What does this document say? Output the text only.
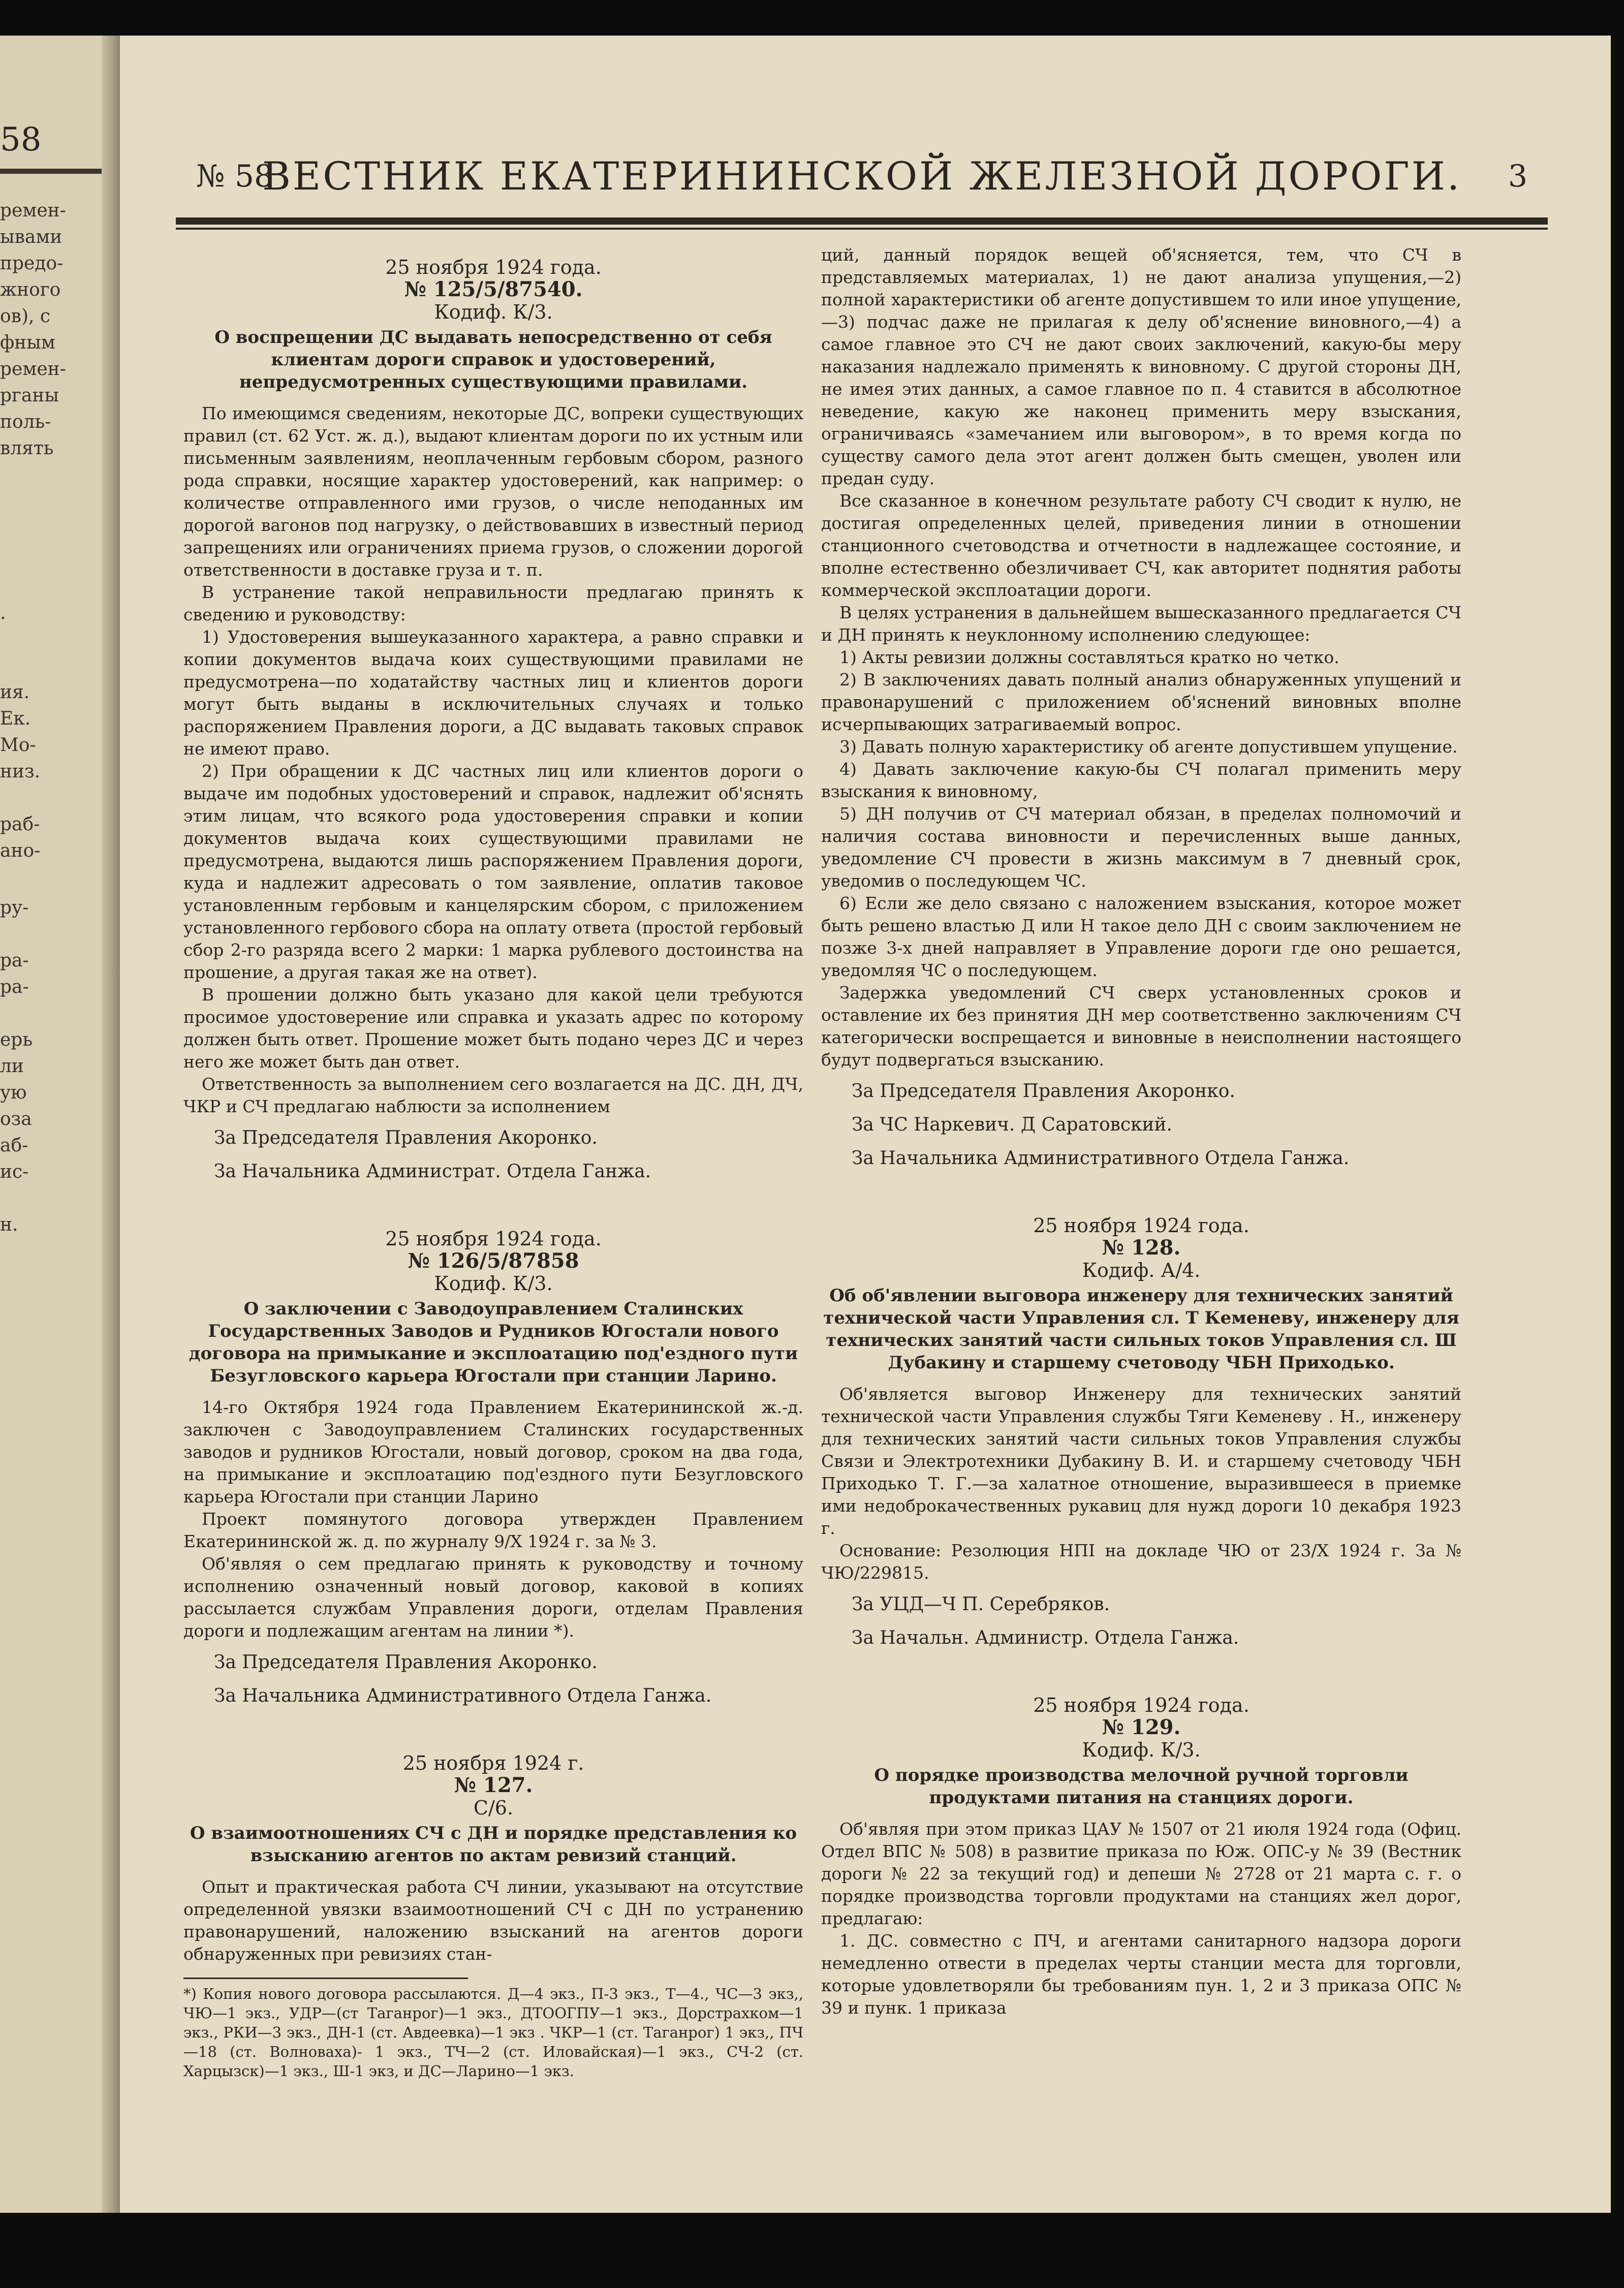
58
ремен-
ывами
предо-
жного
ов), с
фным
ремен-
рганы
поль-
влять
.
ия.
Ек.
Мо-
низ.
раб-
ано-
ру-
ра-
ра-
ерь
ли
ую
оза
аб-
ис-
н.
№ 58
ВЕСТНИК ЕКАТЕРИНИНСКОЙ ЖЕЛЕЗНОЙ ДОРОГИ.	3

25 ноября 1924 года.

№ 125/5/87540.

Кодиф. К/3.

О воспрещении ДС выдавать непосредственно от себя клиентам дороги справок и удостоверений, непредусмотренных существующими правилами.

По имеющимся сведениям, некоторые ДС, вопреки существующих правил (ст. 62 Уст. ж. д.), выдают клиентам дороги по их устным или письменным заявлениям, неоплаченным гербовым сбором, разного рода справки, носящие характер удостоверений, как например: о количестве отправленного ими грузов, о числе неподанных им дорогой вагонов под нагрузку, о действовавших в известный период запрещениях или ограничениях приема грузов, о сложении дорогой ответственности в доставке груза и т. п.

В устранение такой неправильности предлагаю принять к сведению и руководству:

1) Удостоверения вышеуказанного характера, а равно справки и копии документов выдача коих существующими правилами не предусмотрена—по ходатайству частных лиц и клиентов дороги могут быть выданы в исключительных случаях и только распоряжением Правления дороги, а ДС выдавать таковых справок не имеют право.

2) При обращении к ДС частных лиц или клиентов дороги о выдаче им подобных удостоверений и справок, надлежит об'яснять этим лицам, что всякого рода удостоверения справки и копии документов выдача коих существующими правилами не предусмотрена, выдаются лишь распоряжением Правления дороги, куда и надлежит адресовать о том заявление, оплатив таковое установленным гербовым и канцелярским сбором, с приложением установленного гербового сбора на оплату ответа (простой гербовый сбор 2-го разряда всего 2 марки: 1 марка рублевого достоинства на прошение, а другая такая же на ответ).

В прошении должно быть указано для какой цели требуются просимое удостоверение или справка и указать адрес по которому должен быть ответ. Прошение может быть подано через ДС и через него же может быть дан ответ.

Ответственность за выполнением сего возлагается на ДС. ДН, ДЧ, ЧКР и СЧ предлагаю наблюсти за исполнением

За Председателя Правления Акоронко.

За Начальника Администрат. Отдела Ганжа.

25 ноября 1924 года.

№ 126/5/87858

Кодиф. К/3.

О заключении с Заводоуправлением Сталинских Государственных Заводов и Рудников Югостали нового договора на примыкание и эксплоатацию под'ездного пути Безугловского карьера Югостали при станции Ларино.

14-го Октября 1924 года Правлением Екатерининской ж.-д. заключен с Заводоуправлением Сталинских государственных заводов и рудников Югостали, новый договор, сроком на два года, на примыкание и эксплоатацию под'ездного пути Безугловского карьера Югостали при станции Ларино

Проект помянутого договора утвержден Правлением Екатерининской ж. д. по журналу 9/Х 1924 г. за № 3.

Об'являя о сем предлагаю принять к руководству и точному исполнению означенный новый договор, каковой в копиях рассылается службам Управления дороги, отделам Правления дороги и подлежащим агентам на линии *).

За Председателя Правления Акоронко.

За Начальника Административного Отдела Ганжа.

25 ноября 1924 г.

№ 127.

С/6.

О взаимоотношениях СЧ с ДН и порядке представления ко взысканию агентов по актам ревизий станций.

Опыт и практическая работа СЧ линии, указывают на отсутствие определенной увязки взаимоотношений СЧ с ДН по устранению правонарушений, наложению взысканий на агентов дороги обнаруженных при ревизиях стан-

*) Копия нового договора рассылаются. Д—4 экз., П-3 экз., Т—4., ЧС—3 экз,, ЧЮ—1 экз., УДР—(ст Таганрог)—1 экз., ДТООГПУ—1 экз., Дорстрахком—1 экз., РКИ—3 экз., ДН-1 (ст. Авдеевка)—1 экз . ЧКР—1 (ст. Таганрог) 1 экз,, ПЧ—18 (ст. Волноваха)- 1 экз., ТЧ—2 (ст. Иловайская)—1 экз., СЧ-2 (ст. Харцызск)—1 экз., Ш-1 экз, и ДС—Ларино—1 экз.

ций, данный порядок вещей об'ясняется, тем, что СЧ в представляемых материалах, 1) не дают анализа упущения,—2) полной характеристики об агенте допустившем то или иное упущение,—3) подчас даже не прилагая к делу об'яснение виновного,—4) а самое главное это СЧ не дают своих заключений, какую-бы меру наказания надлежало применять к виновному. С другой стороны ДН, не имея этих данных, а самое главное по п. 4 ставится в абсолютное неведение, какую же наконец применить меру взыскания, ограничиваясь «замечанием или выговором», в то время когда по существу самого дела этот агент должен быть смещен, уволен или предан суду.

Все сказанное в конечном результате работу СЧ сводит к нулю, не достигая определенных целей, приведения линии в отношении станционного счетоводства и отчетности в надлежащее состояние, и вполне естественно обезличивает СЧ, как авторитет поднятия работы коммерческой эксплоатации дороги.

В целях устранения в дальнейшем вышесказанного предлагается СЧ и ДН принять к неуклонному исполнению следующее:

1) Акты ревизии должны составляться кратко но четко.

2) В заключениях давать полный анализ обнаруженных упущений и правонарушений с приложением об'яснений виновных вполне исчерпывающих затрагиваемый вопрос.

3) Давать полную характеристику об агенте допустившем упущение.

4) Давать заключение какую-бы СЧ полагал применить меру взыскания к виновному,

5) ДН получив от СЧ материал обязан, в пределах полномочий и наличия состава виновности и перечисленных выше данных, уведомление СЧ провести в жизнь максимум в 7 дневный срок, уведомив о последующем ЧС.

6) Если же дело связано с наложением взыскания, которое может быть решено властью Д или Н такое дело ДН с своим заключением не позже 3-х дней направляет в Управление дороги где оно решается, уведомляя ЧС о последующем.

Задержка уведомлений СЧ сверх установленных сроков и оставление их без принятия ДН мер соответственно заключениям СЧ категорически воспрещается и виновные в неисполнении настоящего будут подвергаться взысканию.

За Председателя Правления Акоронко.

За ЧС Наркевич. Д Саратовский.

За Начальника Административного Отдела Ганжа.

25 ноября 1924 года.

№ 128.

Кодиф. А/4.

Об об'явлении выговора инженеру для технических занятий технической части Управления сл. Т Кеменеву, инженеру для технических занятий части сильных токов Управления сл. Ш Дубакину и старшему счетоводу ЧБН Приходько.

Об'является выговор Инженеру для технических занятий технической части Управления службы Тяги Кеменеву . Н., инженеру для технических занятий части сильных токов Управления службы Связи и Электротехники Дубакину В. И. и старшему счетоводу ЧБН Приходько Т. Г.—за халатное отношение, выразившееся в приемке ими недоброкачественных рукавиц для нужд дороги 10 декабря 1923 г.

Основание: Резолюция НПІ на докладе ЧЮ от 23/Х 1924 г. За № ЧЮ/229815.

За УЦД—Ч П. Серебряков.

За Начальн. Администр. Отдела Ганжа.

25 ноября 1924 года.

№ 129.

Кодиф. К/3.

О порядке производства мелочной ручной торговли продуктами питания на станциях дороги.

Об'являя при этом приказ ЦАУ № 1507 от 21 июля 1924 года (Офиц. Отдел ВПС № 508) в развитие приказа по Юж. ОПС-у № 39 (Вестник дороги № 22 за текущий год) и депеши № 2728 от 21 марта с. г. о порядке производства торговли продуктами на станциях жел дорог, предлагаю:

1. ДС. совместно с ПЧ, и агентами санитарного надзора дороги немедленно отвести в пределах черты станции места для торговли, которые удовлетворяли бы требованиям пун. 1, 2 и 3 приказа ОПС № 39 и пунк. 1 приказа
